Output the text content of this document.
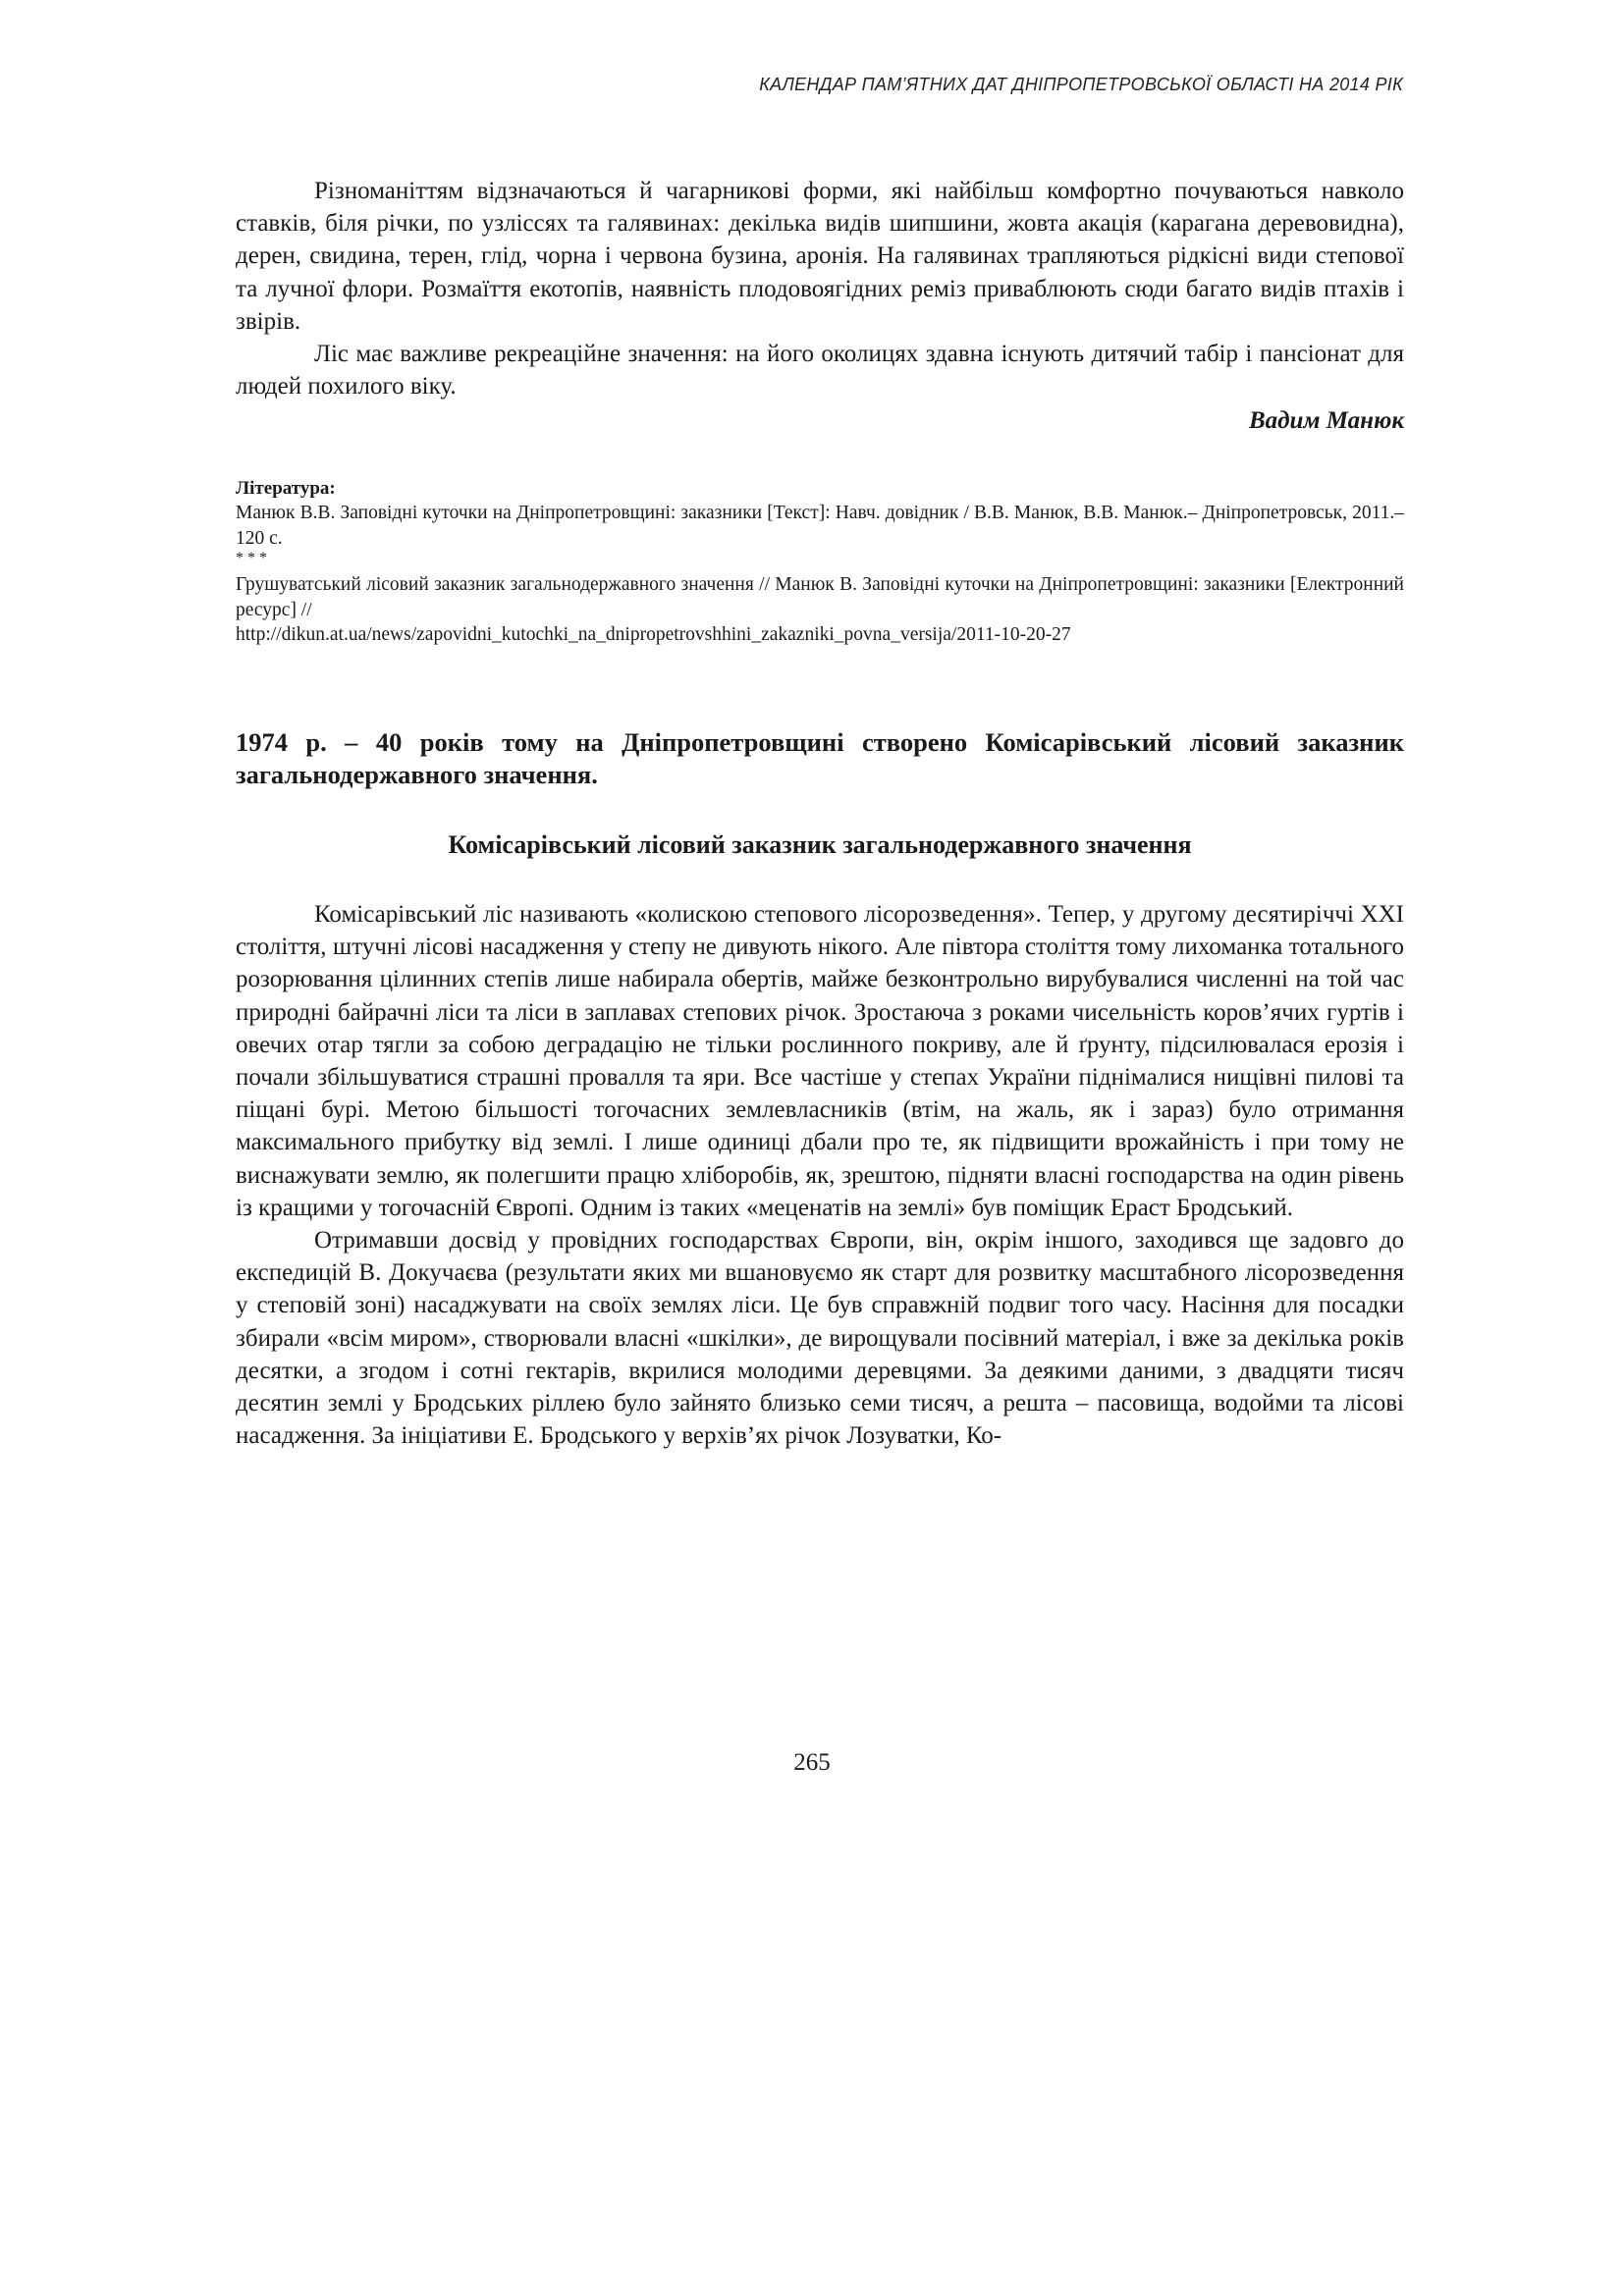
КАЛЕНДАР ПАМ’ЯТНИХ ДАТ ДНІПРОПЕТРОВСЬКОЇ ОБЛАСТІ НА 2014 РІК

Різноманіттям відзначаються й чагарникові форми, які найбільш комфортно почуваються навколо ставків, біля річки, по узліссях та галявинах: декілька видів шипшини, жовта акація (карагана деревовидна), дерен, свидина, терен, глід, чорна і червона бузина, аронія. На галявинах трапляються рідкісні види степової та лучної флори. Розмаїття екотопів, наявність плодовоягідних реміз приваблюють сюди багато видів птахів і звірів.

Ліс має важливе рекреаційне значення: на його околицях здавна існують дитячий табір і пансіонат для людей похилого віку.

Вадим Манюк

Література:

Манюк В.В. Заповідні куточки на Дніпропетровщині: заказники [Текст]: Навч. довідник / В.В. Манюк, В.В. Манюк.– Дніпропетровськ, 2011.– 120 с.

* * *

Грушуватський лісовий заказник загальнодержавного значення // Манюк В. Заповідні куточки на Дніпропетровщині: заказники [Електронний ресурс] //

http://dikun.at.ua/news/zapovidni_kutochki_na_dnipropetrovshhini_zakazniki_povna_versija/2011-10-20-27

1974 р. – 40 років тому на Дніпропетровщині створено Комісарівський лісовий заказник загальнодержавного значення.

Комісарівський лісовий заказник загальнодержавного значення

Комісарівський ліс називають «колискою степового лісорозведення». Тепер, у другому десятиріччі XXI століття, штучні лісові насадження у степу не дивують нікого. Але півтора століття тому лихоманка тотального розорювання цілинних степів лише набирала обертів, майже безконтрольно вирубувалися численні на той час природні байрачні ліси та ліси в заплавах степових річок. Зростаюча з роками чисельність коров’ячих гуртів і овечих отар тягли за собою деградацію не тільки рослинного покриву, але й ґрунту, підсилювалася ерозія і почали збільшуватися страшні провалля та яри. Все частіше у степах України піднімалися нищівні пилові та піщані бурі. Метою більшості тогочасних землевласників (втім, на жаль, як і зараз) було отримання максимального прибутку від землі. І лише одиниці дбали про те, як підвищити врожайність і при тому не виснажувати землю, як полегшити працю хліборобів, як, зрештою, підняти власні господарства на один рівень із кращими у тогочасній Європі. Одним із таких «меценатів на землі» був поміщик Ераст Бродський.

Отримавши досвід у провідних господарствах Європи, він, окрім іншого, заходився ще задовго до експедицій В. Докучаєва (результати яких ми вшановуємо як старт для розвитку масштабного лісорозведення у степовій зоні) насаджувати на своїх землях ліси. Це був справжній подвиг того часу. Насіння для посадки збирали «всім миром», створювали власні «шкілки», де вирощували посівний матеріал, і вже за декілька років десятки, а згодом і сотні гектарів, вкрилися молодими деревцями. За деякими даними, з двадцяти тисяч десятин землі у Бродських ріллею було зайнято близько семи тисяч, а решта – пасовища, водойми та лісові насадження. За ініціативи Е. Бродського у верхів’ях річок Лозуватки, Ко-

265
